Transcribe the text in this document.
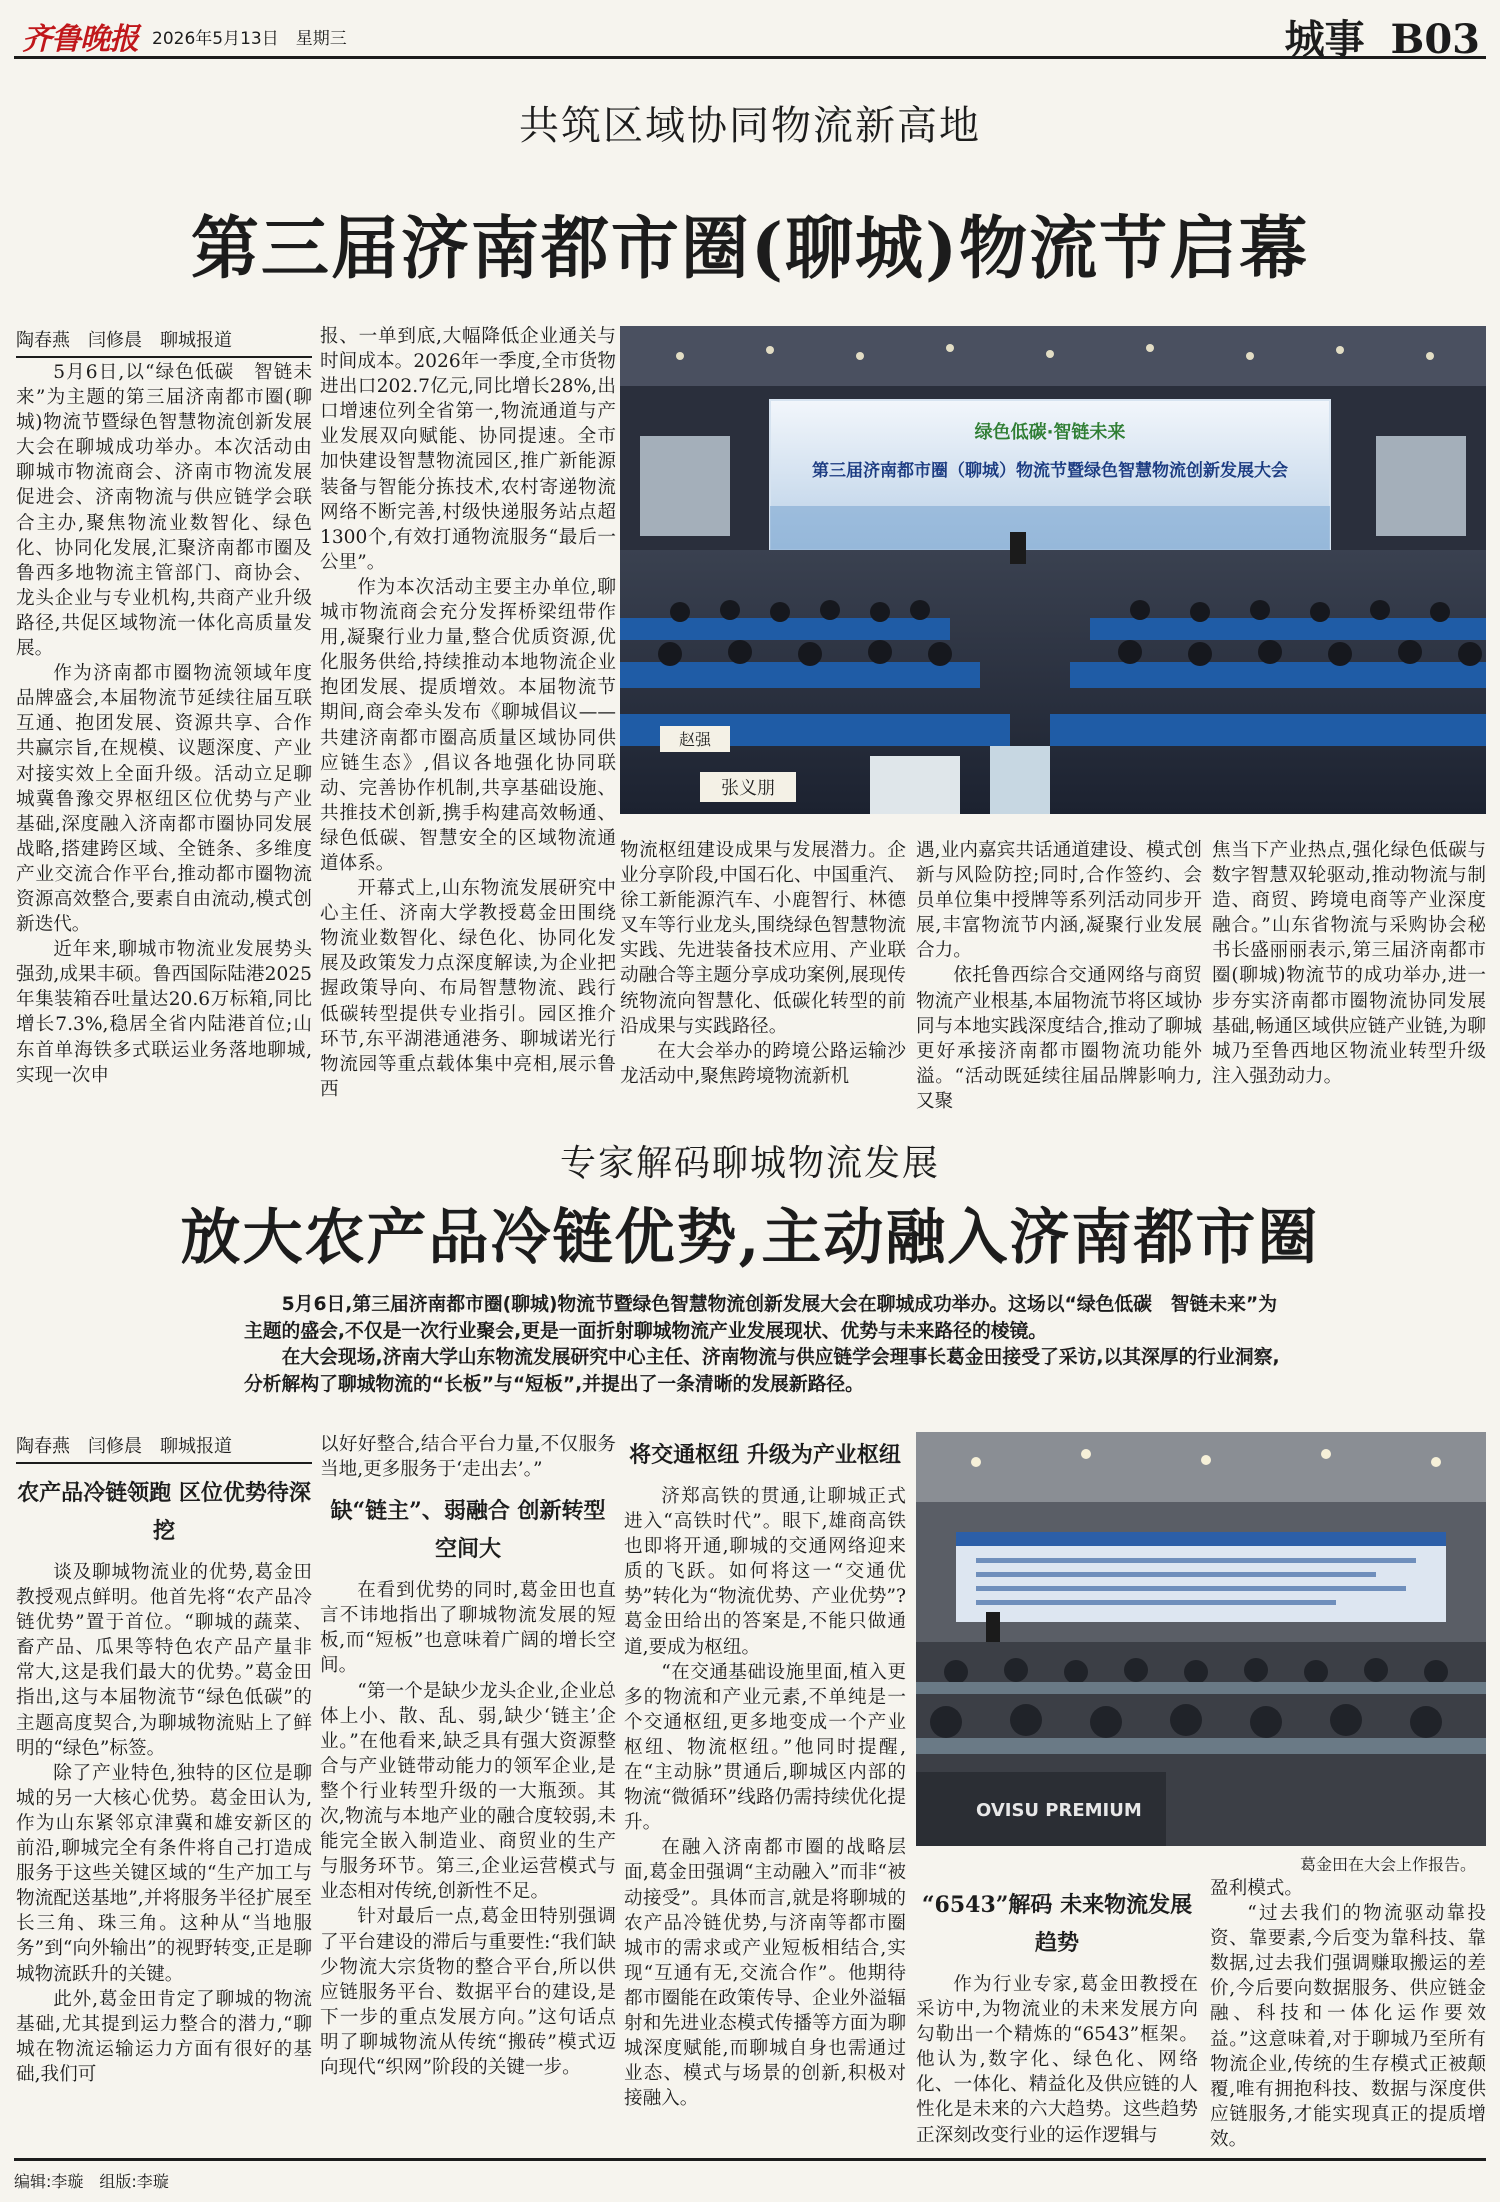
齐鲁晚报 2026年5月13日　星期三	城事 B03
共筑区域协同物流新高地
第三届济南都市圈(聊城)物流节启幕
陶春燕　闫修晨　聊城报道

5月6日,以“绿色低碳　智链未来”为主题的第三届济南都市圈(聊城)物流节暨绿色智慧物流创新发展大会在聊城成功举办。本次活动由聊城市物流商会、济南市物流发展促进会、济南物流与供应链学会联合主办,聚焦物流业数智化、绿色化、协同化发展,汇聚济南都市圈及鲁西多地物流主管部门、商协会、龙头企业与专业机构,共商产业升级路径,共促区域物流一体化高质量发展。

作为济南都市圈物流领域年度品牌盛会,本届物流节延续往届互联互通、抱团发展、资源共享、合作共赢宗旨,在规模、议题深度、产业对接实效上全面升级。活动立足聊城冀鲁豫交界枢纽区位优势与产业基础,深度融入济南都市圈协同发展战略,搭建跨区域、全链条、多维度产业交流合作平台,推动都市圈物流资源高效整合,要素自由流动,模式创新迭代。

近年来,聊城市物流业发展势头强劲,成果丰硕。鲁西国际陆港2025年集装箱吞吐量达20.6万标箱,同比增长7.3%,稳居全省内陆港首位;山东首单海铁多式联运业务落地聊城,实现一次申

报、一单到底,大幅降低企业通关与时间成本。2026年一季度,全市货物进出口202.7亿元,同比增长28%,出口增速位列全省第一,物流通道与产业发展双向赋能、协同提速。全市加快建设智慧物流园区,推广新能源装备与智能分拣技术,农村寄递物流网络不断完善,村级快递服务站点超1300个,有效打通物流服务“最后一公里”。

作为本次活动主要主办单位,聊城市物流商会充分发挥桥梁纽带作用,凝聚行业力量,整合优质资源,优化服务供给,持续推动本地物流企业抱团发展、提质增效。本届物流节期间,商会牵头发布《聊城倡议——共建济南都市圈高质量区域协同供应链生态》,倡议各地强化协同联动、完善协作机制,共享基础设施、共推技术创新,携手构建高效畅通、绿色低碳、智慧安全的区域物流通道体系。

开幕式上,山东物流发展研究中心主任、济南大学教授葛金田围绕物流业数智化、绿色化、协同化发展及政策发力点深度解读,为企业把握政策导向、布局智慧物流、践行低碳转型提供专业指引。园区推介环节,东平湖港通港务、聊城诺光行物流园等重点载体集中亮相,展示鲁西

绿色低碳·智链未来
第三届济南都市圈（聊城）物流节暨绿色智慧物流创新发展大会
赵强
张义朋

物流枢纽建设成果与发展潜力。企业分享阶段,中国石化、中国重汽、徐工新能源汽车、小鹿智行、林德叉车等行业龙头,围绕绿色智慧物流实践、先进装备技术应用、产业联动融合等主题分享成功案例,展现传统物流向智慧化、低碳化转型的前沿成果与实践路径。

在大会举办的跨境公路运输沙龙活动中,聚焦跨境物流新机

遇,业内嘉宾共话通道建设、模式创新与风险防控;同时,合作签约、会员单位集中授牌等系列活动同步开展,丰富物流节内涵,凝聚行业发展合力。

依托鲁西综合交通网络与商贸物流产业根基,本届物流节将区域协同与本地实践深度结合,推动了聊城更好承接济南都市圈物流功能外溢。“活动既延续往届品牌影响力,又聚

焦当下产业热点,强化绿色低碳与数字智慧双轮驱动,推动物流与制造、商贸、跨境电商等产业深度融合。”山东省物流与采购协会秘书长盛丽丽表示,第三届济南都市圈(聊城)物流节的成功举办,进一步夯实济南都市圈物流协同发展基础,畅通区域供应链产业链,为聊城乃至鲁西地区物流业转型升级注入强劲动力。

专家解码聊城物流发展
放大农产品冷链优势,主动融入济南都市圈

5月6日,第三届济南都市圈(聊城)物流节暨绿色智慧物流创新发展大会在聊城成功举办。这场以“绿色低碳　智链未来”为主题的盛会,不仅是一次行业聚会,更是一面折射聊城物流产业发展现状、优势与未来路径的棱镜。

在大会现场,济南大学山东物流发展研究中心主任、济南物流与供应链学会理事长葛金田接受了采访,以其深厚的行业洞察,分析解构了聊城物流的“长板”与“短板”,并提出了一条清晰的发展新路径。

陶春燕　闫修晨　聊城报道
农产品冷链领跑 区位优势待深挖

谈及聊城物流业的优势,葛金田教授观点鲜明。他首先将“农产品冷链优势”置于首位。“聊城的蔬菜、畜产品、瓜果等特色农产品产量非常大,这是我们最大的优势。”葛金田指出,这与本届物流节“绿色低碳”的主题高度契合,为聊城物流贴上了鲜明的“绿色”标签。

除了产业特色,独特的区位是聊城的另一大核心优势。葛金田认为,作为山东紧邻京津冀和雄安新区的前沿,聊城完全有条件将自己打造成服务于这些关键区域的“生产加工与物流配送基地”,并将服务半径扩展至长三角、珠三角。这种从“当地服务”到“向外输出”的视野转变,正是聊城物流跃升的关键。

此外,葛金田肯定了聊城的物流基础,尤其提到运力整合的潜力,“聊城在物流运输运力方面有很好的基础,我们可

以好好整合,结合平台力量,不仅服务当地,更多服务于‘走出去’。”

缺“链主”、弱融合 创新转型空间大

在看到优势的同时,葛金田也直言不讳地指出了聊城物流发展的短板,而“短板”也意味着广阔的增长空间。

“第一个是缺少龙头企业,企业总体上小、散、乱、弱,缺少‘链主’企业。”在他看来,缺乏具有强大资源整合与产业链带动能力的领军企业,是整个行业转型升级的一大瓶颈。其次,物流与本地产业的融合度较弱,未能完全嵌入制造业、商贸业的生产与服务环节。第三,企业运营模式与业态相对传统,创新性不足。

针对最后一点,葛金田特别强调了平台建设的滞后与重要性:“我们缺少物流大宗货物的整合平台,所以供应链服务平台、数据平台的建设,是下一步的重点发展方向。”这句话点明了聊城物流从传统“搬砖”模式迈向现代“织网”阶段的关键一步。

将交通枢纽 升级为产业枢纽

济郑高铁的贯通,让聊城正式进入“高铁时代”。眼下,雄商高铁也即将开通,聊城的交通网络迎来质的飞跃。如何将这一“交通优势”转化为“物流优势、产业优势”?葛金田给出的答案是,不能只做通道,要成为枢纽。

“在交通基础设施里面,植入更多的物流和产业元素,不单纯是一个交通枢纽,更多地变成一个产业枢纽、物流枢纽。”他同时提醒,在“主动脉”贯通后,聊城区内部的物流“微循环”线路仍需持续优化提升。

在融入济南都市圈的战略层面,葛金田强调“主动融入”而非“被动接受”。具体而言,就是将聊城的农产品冷链优势,与济南等都市圈城市的需求或产业短板相结合,实现“互通有无,交流合作”。他期待都市圈能在政策传导、企业外溢辐射和先进业态模式传播等方面为聊城深度赋能,而聊城自身也需通过业态、模式与场景的创新,积极对接融入。

OVISU PREMIUM
葛金田在大会上作报告。
“6543”解码 未来物流发展趋势

作为行业专家,葛金田教授在采访中,为物流业的未来发展方向勾勒出一个精炼的“6543”框架。他认为,数字化、绿色化、网络化、一体化、精益化及供应链的人性化是未来的六大趋势。这些趋势正深刻改变行业的运作逻辑与

盈利模式。

“过去我们的物流驱动靠投资、靠要素,今后变为靠科技、靠数据,过去我们强调赚取搬运的差价,今后要向数据服务、供应链金融、科技和一体化运作要效益。”这意味着,对于聊城乃至所有物流企业,传统的生存模式正被颠覆,唯有拥抱科技、数据与深度供应链服务,才能实现真正的提质增效。

编辑:李璇　组版:李璇
